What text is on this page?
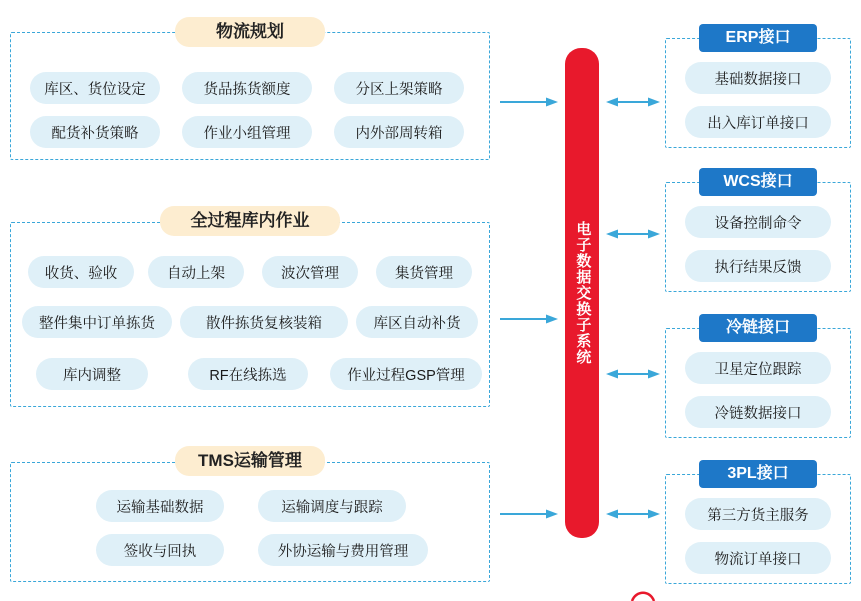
物流规划
库区、货位设定	货品拣货额度	分区上架策略
配货补货策略	作业小组管理	内外部周转箱
全过程库内作业
收货、验收	自动上架	波次管理	集货管理
整件集中订单拣货	散件拣货复核装箱	库区自动补货
库内调整	RF在线拣选	作业过程GSP管理
TMS运输管理
运输基础数据	运输调度与跟踪
签收与回执	外协运输与费用管理
电子数据交换子系统
ERP接口
基础数据接口
出入库订单接口
WCS接口
设备控制命令
执行结果反馈
冷链接口
卫星定位跟踪
冷链数据接口
3PL接口
第三方货主服务
物流订单接口
